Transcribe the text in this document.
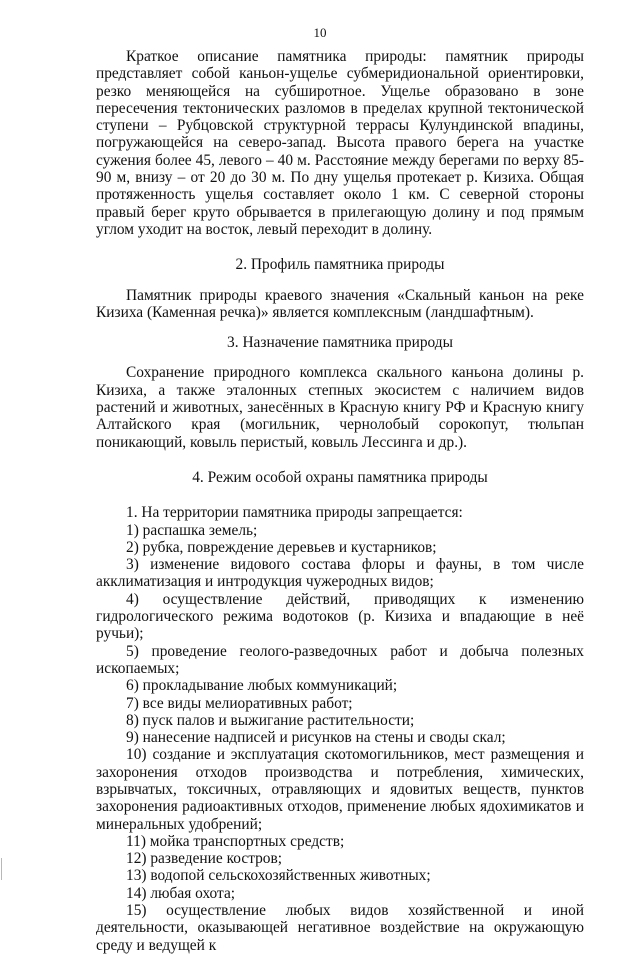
10

Краткое описание памятника природы: памятник природы представляет собой каньон-ущелье субмеридиональной ориентировки, резко меняющейся на субширотное. Ущелье образовано в зоне пересечения тектонических разломов в пределах крупной тектонической ступени – Рубцовской структурной террасы Кулундинской впадины, погружающейся на северо-запад. Высота правого берега на участке сужения более 45, левого – 40 м. Расстояние между берегами по верху 85-90 м, внизу – от 20 до 30 м. По дну ущелья протекает р. Кизиха. Общая протяженность ущелья составляет около 1 км. С северной стороны правый берег круто обрывается в прилегающую долину и под прямым углом уходит на восток, левый переходит в долину.

2. Профиль памятника природы

Памятник природы краевого значения «Скальный каньон на реке Кизиха (Каменная речка)» является комплексным (ландшафтным).

3. Назначение памятника природы

Сохранение природного комплекса скального каньона долины р. Кизиха, а также эталонных степных экосистем с наличием видов растений и животных, занесённых в Красную книгу РФ и Красную книгу Алтайского края (могильник, чернолобый сорокопут, тюльпан поникающий, ковыль перистый, ковыль Лессинга и др.).

4. Режим особой охраны памятника природы

1. На территории памятника природы запрещается:

1) распашка земель;

2) рубка, повреждение деревьев и кустарников;

3) изменение видового состава флоры и фауны, в том числе акклиматизация и интродукция чужеродных видов;

4) осуществление действий, приводящих к изменению гидрологического режима водотоков (р. Кизиха и впадающие в неё ручьи);

5) проведение геолого-разведочных работ и добыча полезных ископаемых;

6) прокладывание любых коммуникаций;

7) все виды мелиоративных работ;

8) пуск палов и выжигание растительности;

9) нанесение надписей и рисунков на стены и своды скал;

10) создание и эксплуатация скотомогильников, мест размещения и захоронения отходов производства и потребления, химических, взрывчатых, токсичных, отравляющих и ядовитых веществ, пунктов захоронения радиоактивных отходов, применение любых ядохимикатов и минеральных удобрений;

11) мойка транспортных средств;

12) разведение костров;

13) водопой сельскохозяйственных животных;

14) любая охота;

15) осуществление любых видов хозяйственной и иной деятельности, оказывающей негативное воздействие на окружающую среду и ведущей к
